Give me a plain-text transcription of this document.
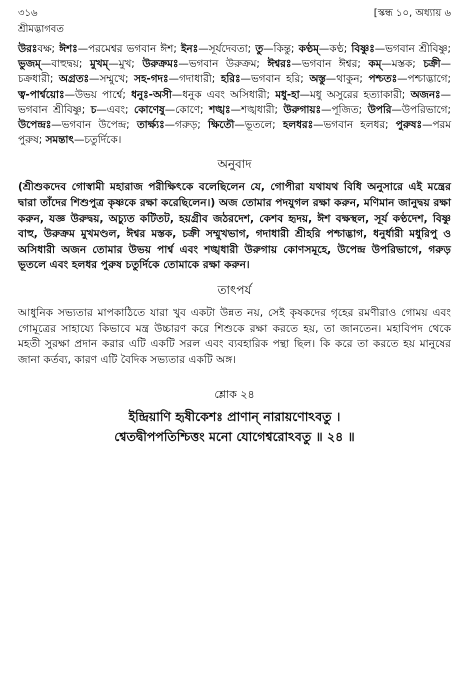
৩১৬	[স্কন্ধ ১০, অধ্যায় ৬
শ্রীমদ্ভাগবত
উরঃবক্ষ; ঈশঃ—পরমেশ্বর ভগবান ঈশ; ইনঃ—সূর্যদেবতা; তু—কিন্তু; কণ্ঠম্—কণ্ঠ; বিষ্ণুঃ—ভগবান শ্রীবিষ্ণু; ভুজম্—বাহুদ্বয়; মুখম্—মুখ; উরুক্রমঃ—ভগবান উরুক্রম; ঈশ্বরঃ—ভগবান ঈশ্বর; কম্—মস্তক; চক্রী—চক্রধারী; অগ্রতঃ—সম্মুখে; সহ-গদঃ—গদাধারী; হরিঃ—ভগবান হরি; অস্তু—থাকুন; পশ্চতঃ—পশ্চাদ্ভাগে; ত্ব-পার্শ্বয়োঃ—উভয় পার্শ্বে; ধনুঃ-অসী—ধনুক এবং অসিধারী; মধু-হা—মধু অসুরের হত্যাকারী; অজনঃ—ভগবান শ্রীবিষ্ণু; চ—এবং; কোণেষু—কোণে; শঙ্খঃ—শঙ্খধারী; উরুগায়ঃ—পূজিত; উপরি—উপরিভাগে; উপেন্দ্রঃ—ভগবান উপেন্দ্র; তার্ক্ষ্যঃ—গরুড়; ক্ষিতৌ—ভূতলে; হলধরঃ—ভগবান হলধর; পুরুষঃ—পরম পুরুষ; সমন্তাৎ—চতুর্দিকে।
অনুবাদ
(শ্রীশুকদেব গোস্বামী মহারাজ পরীক্ষিৎকে বলেছিলেন যে, গোপীরা যথাযথ বিধি অনুসারে এই মন্ত্রের দ্বারা তাঁদের শিশুপুত্র কৃষ্ণকে রক্ষা করেছিলেন।) অজ তোমার পদযুগল রক্ষা করুন, মণিমান জানুদ্বয় রক্ষা করুন, যজ্ঞ উরুদ্বয়, অচ্যুত কটিতট, হয়গ্রীব জঠরদেশ, কেশব হৃদয়, ঈশ বক্ষস্থল, সূর্য কণ্ঠদেশ, বিষ্ণু বাহু, উরুক্রম মুখমণ্ডল, ঈশ্বর মস্তক, চক্রী সম্মুখভাগ, গদাধারী শ্রীহরি পশ্চাদ্ভাগ, ধনুর্ধারী মধুরিপু ও অসিধারী অজন তোমার উভয় পার্শ্ব এবং শঙ্খধারী উরুগায় কোণসমূহে, উপেন্দ্র উপরিভাগে, গরুড় ভূতলে এবং হলধর পুরুষ চতুর্দিকে তোমাকে রক্ষা করুন।
তাৎপর্য
আধুনিক সভ্যতার মাপকাঠিতে যারা খুব একটা উন্নত নয়, সেই কৃষকদের গৃহের রমণীরাও গোময় এবং গোমূত্রের সাহায্যে কিভাবে মন্ত্র উচ্চারণ করে শিশুকে রক্ষা করতে হয়, তা জানতেন। মহাবিপদ থেকে মহতী সুরক্ষা প্রদান করার এটি একটি সরল এবং ব্যবহারিক পন্থা ছিল। কি করে তা করতে হয় মানুষের জানা কর্তব্য, কারণ এটি বৈদিক সভ্যতার একটি অঙ্গ।
শ্লোক ২৪
ইন্দ্রিয়াণি হৃষীকেশঃ প্রাণান্ নারায়ণোঽবতু ।
শ্বেতদ্বীপপতিশ্চিত্তং মনো যোগেশ্বরোঽবতু ॥ ২৪ ॥
